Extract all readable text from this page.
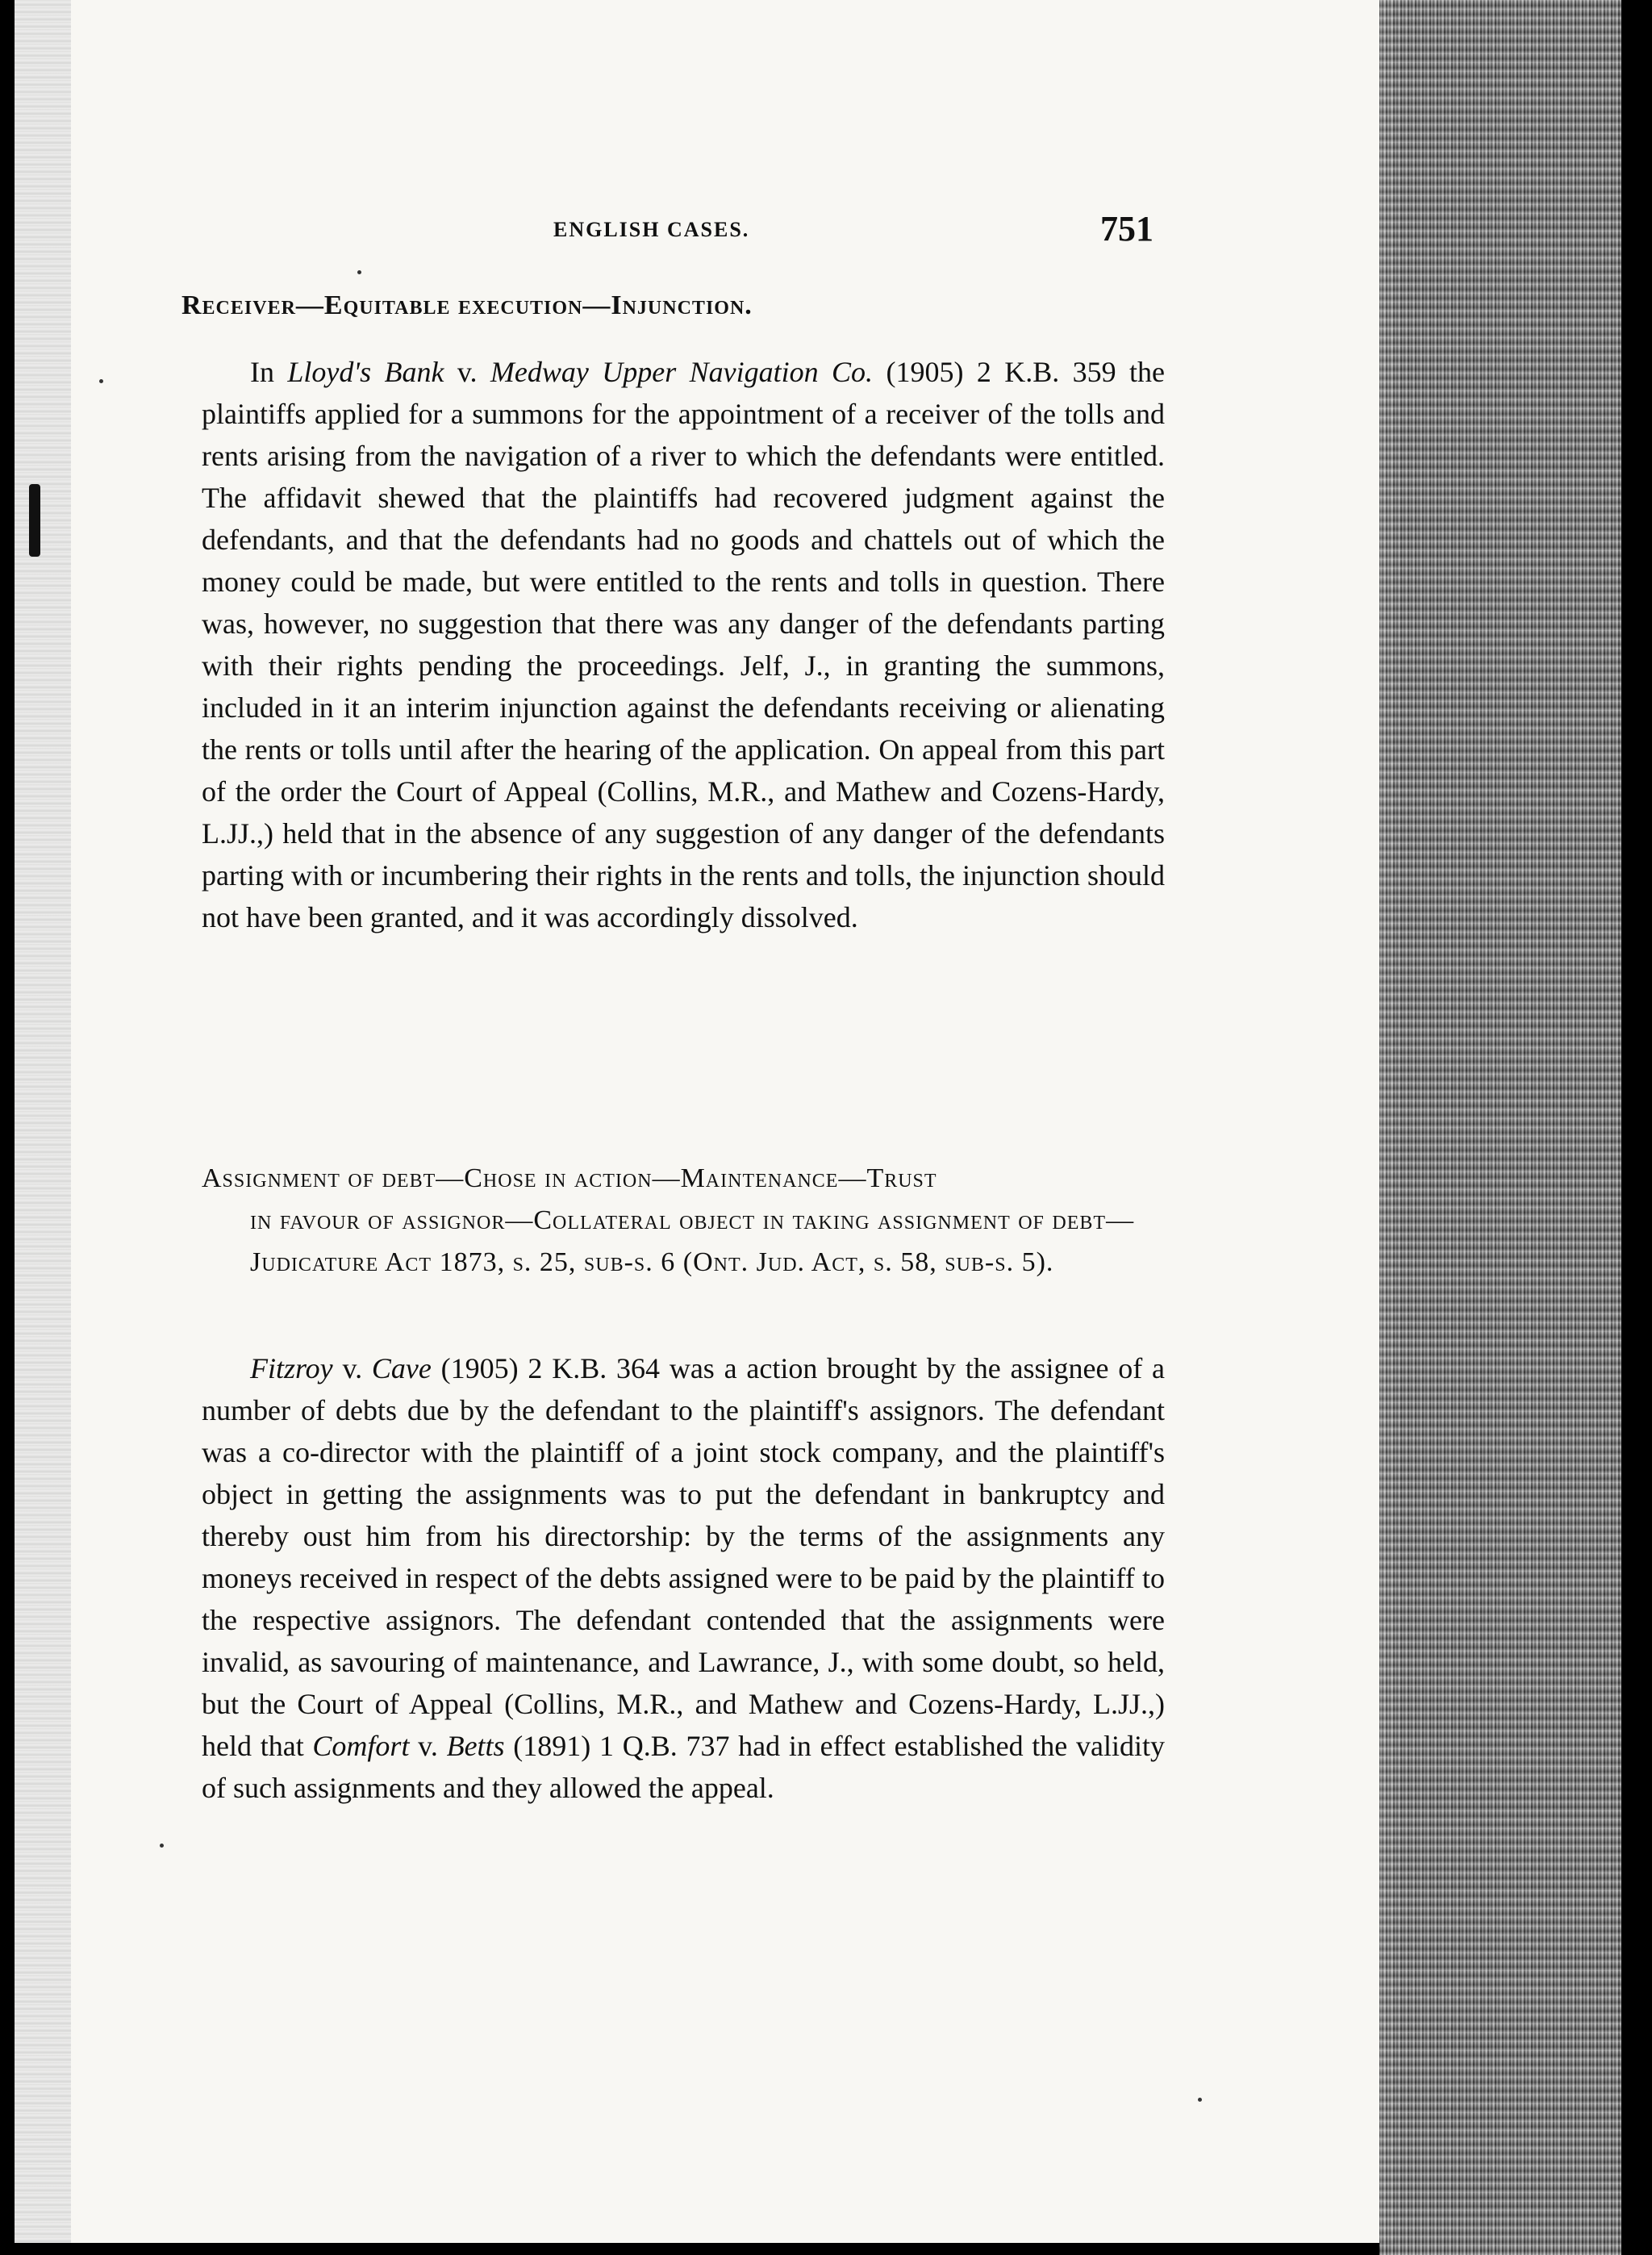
ENGLISH CASES.	751
Receiver—Equitable execution—Injunction.

In Lloyd's Bank v. Medway Upper Navigation Co. (1905) 2 K.B. 359 the plaintiffs applied for a summons for the appointment of a receiver of the tolls and rents arising from the navigation of a river to which the defendants were entitled. The affidavit shewed that the plaintiffs had recovered judgment against the defendants, and that the defendants had no goods and chattels out of which the money could be made, but were entitled to the rents and tolls in question. There was, however, no suggestion that there was any danger of the defendants parting with their rights pending the proceedings. Jelf, J., in granting the summons, included in it an interim injunction against the defendants receiving or alienating the rents or tolls until after the hearing of the application. On appeal from this part of the order the Court of Appeal (Collins, M.R., and Mathew and Cozens-Hardy, L.JJ.,) held that in the absence of any suggestion of any danger of the defendants parting with or incumbering their rights in the rents and tolls, the injunction should not have been granted, and it was accordingly dissolved.

Assignment of debt—Chose in action—Maintenance—Trust
in favour of assignor—Collateral object in taking assignment of debt—Judicature Act 1873, s. 25, sub-s. 6 (Ont. Jud. Act, s. 58, sub-s. 5).

Fitzroy v. Cave (1905) 2 K.B. 364 was a action brought by the assignee of a number of debts due by the defendant to the plaintiff's assignors. The defendant was a co-director with the plaintiff of a joint stock company, and the plaintiff's object in getting the assignments was to put the defendant in bankruptcy and thereby oust him from his directorship: by the terms of the assignments any moneys received in respect of the debts assigned were to be paid by the plaintiff to the respective assignors. The defendant contended that the assignments were invalid, as savouring of maintenance, and Lawrance, J., with some doubt, so held, but the Court of Appeal (Collins, M.R., and Mathew and Cozens-Hardy, L.JJ.,) held that Comfort v. Betts (1891) 1 Q.B. 737 had in effect established the validity of such assignments and they allowed the appeal.
